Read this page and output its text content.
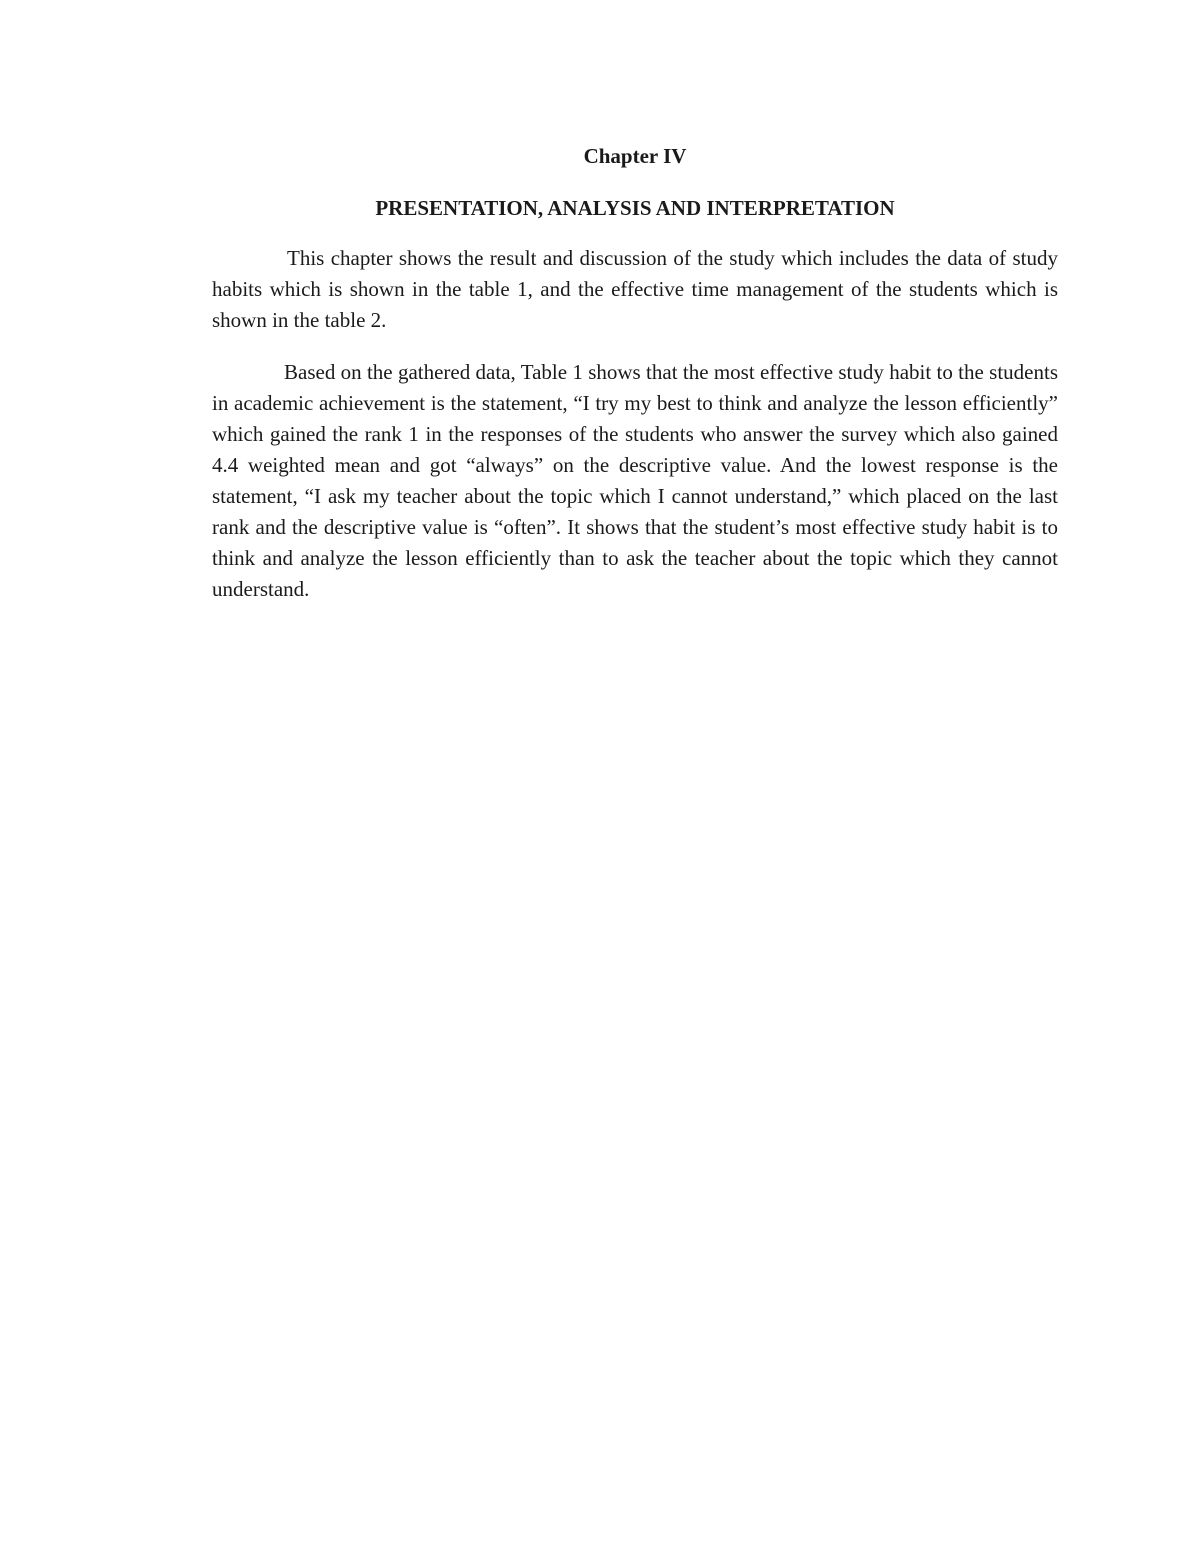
Chapter IV
PRESENTATION, ANALYSIS AND INTERPRETATION

This chapter shows the result and discussion of the study which includes the data of study habits which is shown in the table 1, and the effective time management of the students which is shown in the table 2.

Based on the gathered data, Table 1 shows that the most effective study habit to the students in academic achievement is the statement, “I try my best to think and analyze the lesson efficiently” which gained the rank 1 in the responses of the students who answer the survey which also gained 4.4 weighted mean and got “always” on the descriptive value. And the lowest response is the statement, “I ask my teacher about the topic which I cannot understand,” which placed on the last rank and the descriptive value is “often”. It shows that the student’s most effective study habit is to think and analyze the lesson efficiently than to ask the teacher about the topic which they cannot understand.
